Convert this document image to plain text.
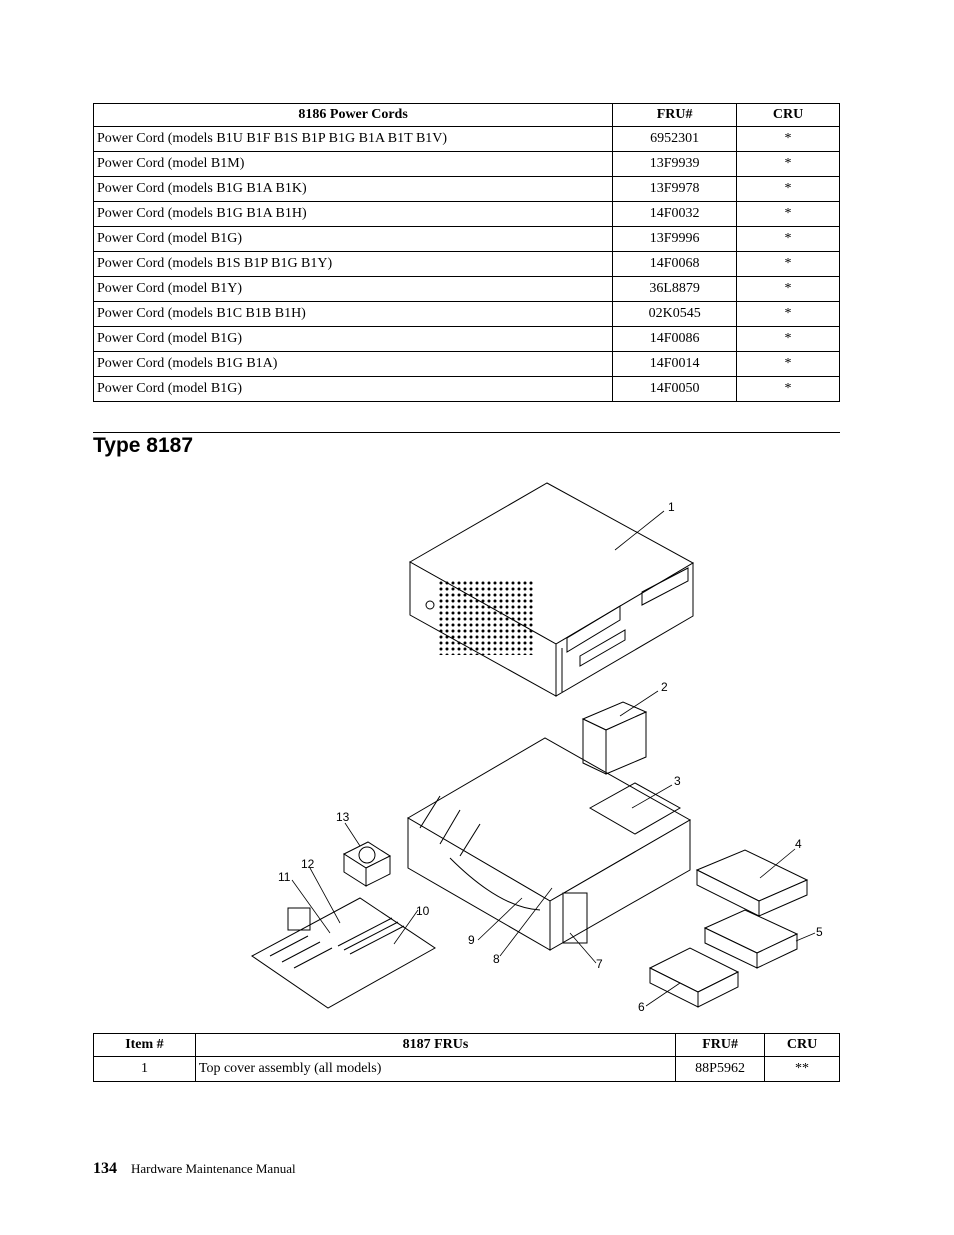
8186 Power Cords	FRU#	CRU
Power Cord (models B1U B1F B1S B1P B1G B1A B1T B1V)	6952301	*
Power Cord (model B1M)	13F9939	*
Power Cord (models B1G B1A B1K)	13F9978	*
Power Cord (models B1G B1A B1H)	14F0032	*
Power Cord (model B1G)	13F9996	*
Power Cord (models B1S B1P B1G B1Y)	14F0068	*
Power Cord (model B1Y)	36L8879	*
Power Cord (models B1C B1B B1H)	02K0545	*
Power Cord (model B1G)	14F0086	*
Power Cord (models B1G B1A)	14F0014	*
Power Cord (model B1G)	14F0050	*
Type 8187
1
2
3
4
5
6
7
8
9
10
11
12
13
Item #	8187 FRUs	FRU#	CRU
1	Top cover assembly (all models)	88P5962	**
134 Hardware Maintenance Manual
